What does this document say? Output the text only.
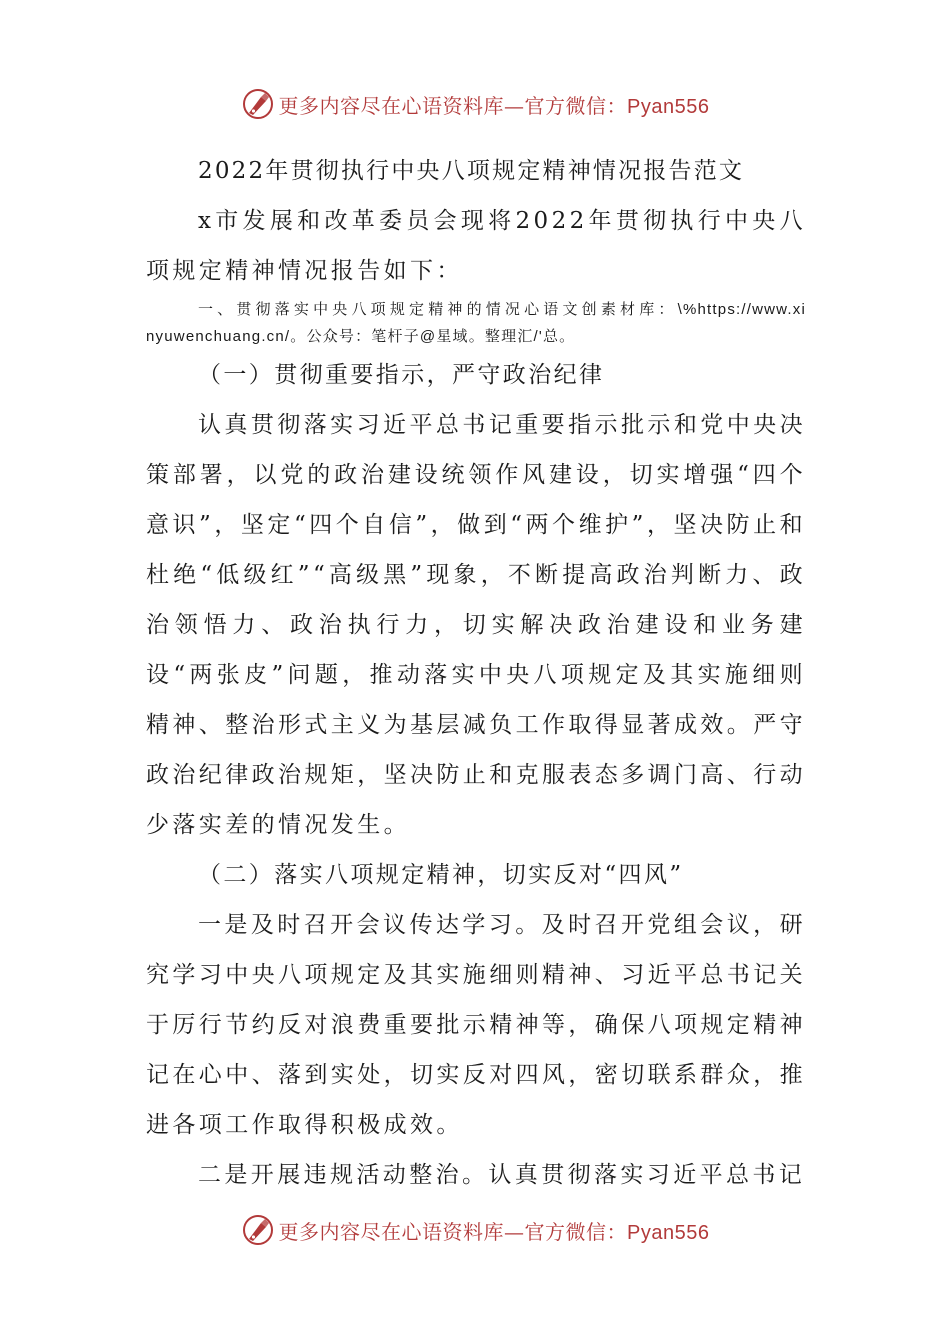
更多内容尽在心语资料库—官方微信：Pyan556

2022年贯彻执行中央八项规定精神情况报告范文

x市发展和改革委员会现将2022年贯彻执行中央八项规定精神情况报告如下：

一、贯彻落实中央八项规定精神的情况心语文创素材库：\%https://www.xinyuwenchuang.cn/。公众号：笔杆子@星域。整理汇/'总。

（一）贯彻重要指示，严守政治纪律

认真贯彻落实习近平总书记重要指示批示和党中央决策部署，以党的政治建设统领作风建设，切实增强“四个意识”，坚定“四个自信”，做到“两个维护”，坚决防止和杜绝“低级红”“高级黑”现象，不断提高政治判断力、政治领悟力、政治执行力，切实解决政治建设和业务建设“两张皮”问题，推动落实中央八项规定及其实施细则精神、整治形式主义为基层减负工作取得显著成效。严守政治纪律政治规矩，坚决防止和克服表态多调门高、行动少落实差的情况发生。

（二）落实八项规定精神，切实反对“四风”

一是及时召开会议传达学习。及时召开党组会议，研究学习中央八项规定及其实施细则精神、习近平总书记关于厉行节约反对浪费重要批示精神等，确保八项规定精神记在心中、落到实处，切实反对四风，密切联系群众，推进各项工作取得积极成效。

二是开展违规活动整治。认真贯彻落实习近平总书记

更多内容尽在心语资料库—官方微信：Pyan556
